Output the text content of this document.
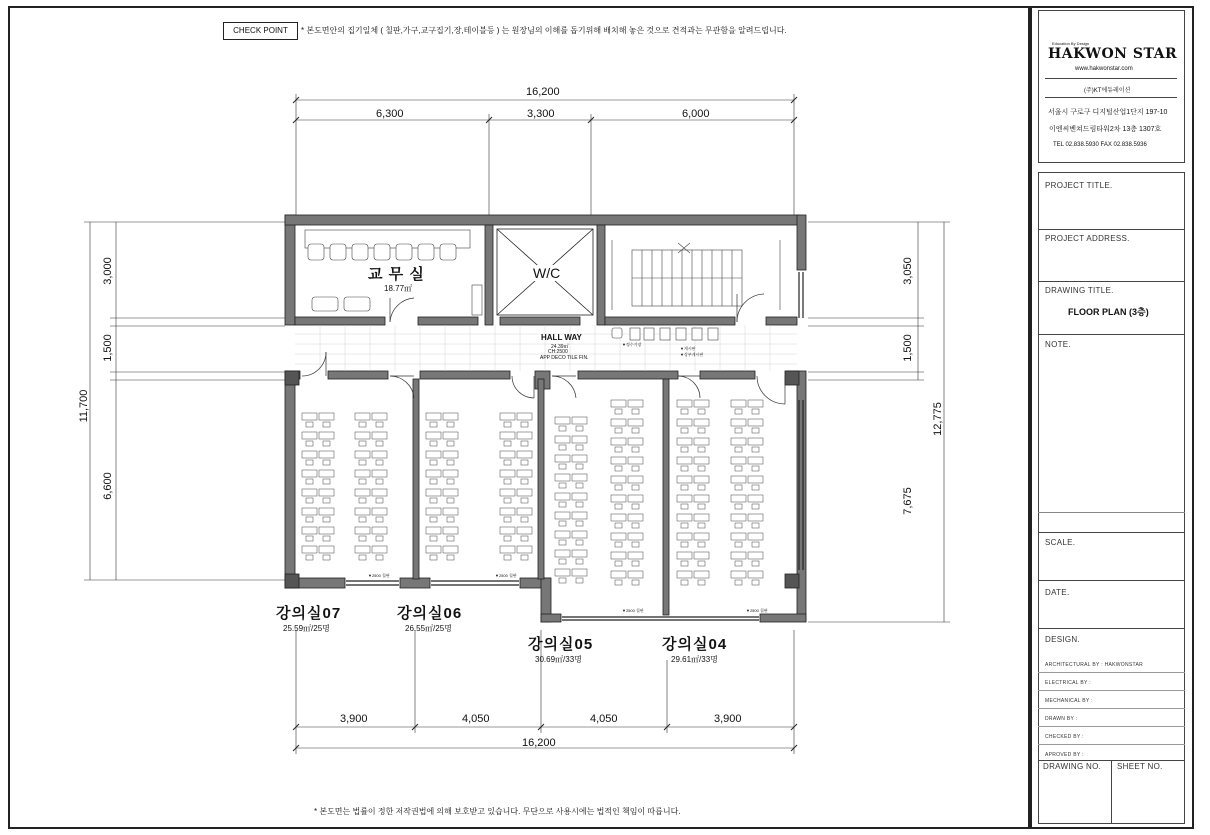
CHECK POINT	* 본도면안의 집기일체 ( 칠판,가구,교구집기,장,테이블등 ) 는 원장님의 이해를 돕기위해 배치해 놓은 것으로 견적과는 무관함을 알려드립니다.
* 본도면는 법률이 정한 저작권법에 의해 보호받고 있습니다. 무단으로 사용시에는 법적인 책임이 따릅니다.
16,200
6,300	3,300	6,000
3,900	4,050	4,050	3,900
16,200
11,700
3,000
1,500
6,600
3,050
1,500
7,675
12,775
교 무 실
18.77㎡
W/C
HALL WAY
24.39㎡
CH:2500
APP DECO TILE FIN.
▼정수기장
▼게시판
▼상부게시판
강의실07
25.59㎡/25명
강의실06
26.55㎡/25명
강의실05
30.69㎡/33명
강의실04
29.61㎡/33명
▼2500 칠판	▼2500 칠판
▼2500 칠판	▼2500 칠판
Education By Design
HAKWON STAR
www.hakwonstar.com
(주)KT에듀레이션
서울시 구로구 디지털산업1단지 197-10
이엔씨벤쳐드림타워2차 13층 1307호
TEL 02.838.5930 FAX 02.838.5936
PROJECT TITLE.
PROJECT ADDRESS.
DRAWING TITLE.
FLOOR PLAN (3층)
NOTE.
SCALE.
DATE.
DESIGN.
ARCHITECTURAL BY : HAKWONSTAR
ELECTRICAL BY :
MECHANICAL BY :
DRAWN BY :
CHECKED BY :
APROVED BY :
DRAWING NO. SHEET NO.
